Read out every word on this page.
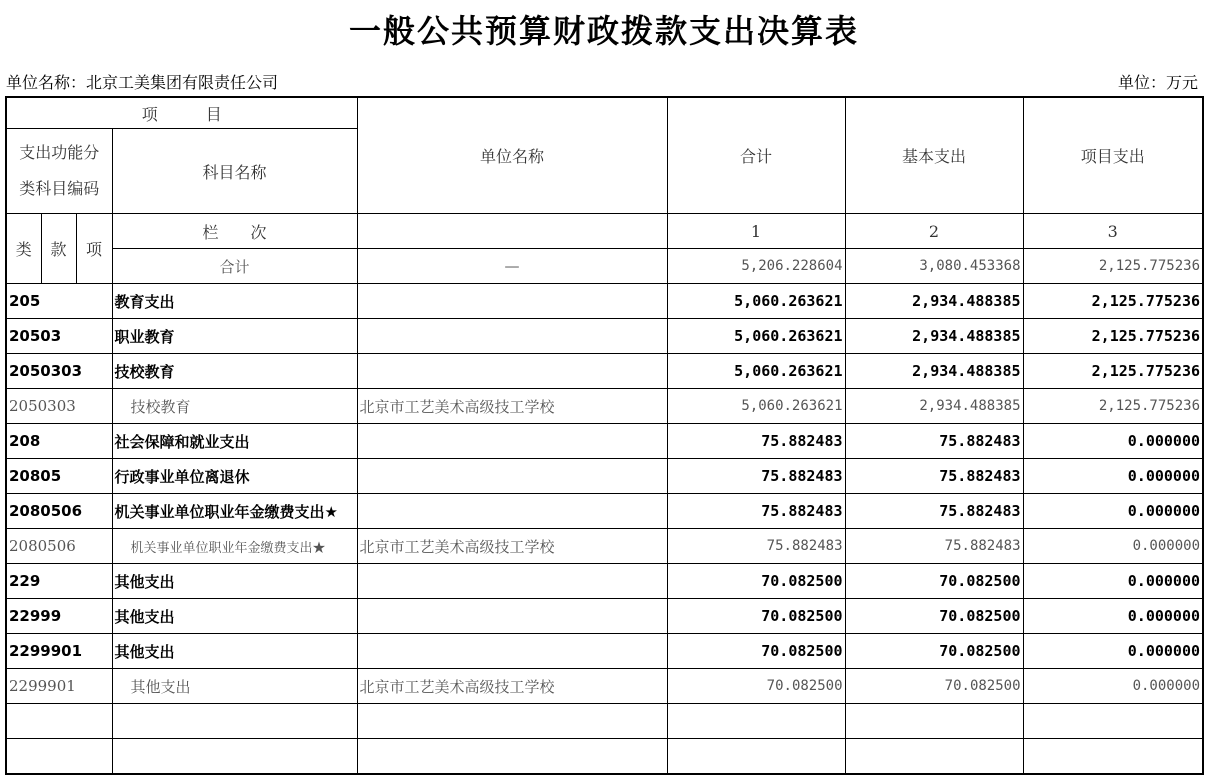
一般公共预算财政拨款支出决算表
单位名称：北京工美集团有限责任公司	单位：万元
项　　　目				单位名称	合计	基本支出	项目支出
支出功能分类科目编码			科目名称				
类	款	项	栏　　次		1	2	3
			合计	—	5,206.228604	3,080.453368	2,125.775236
205			教育支出		5,060.263621	2,934.488385	2,125.775236
20503			职业教育		5,060.263621	2,934.488385	2,125.775236
2050303			技校教育		5,060.263621	2,934.488385	2,125.775236
2050303			技校教育	北京市工艺美术高级技工学校	5,060.263621	2,934.488385	2,125.775236
208			社会保障和就业支出		75.882483	75.882483	0.000000
20805			行政事业单位离退休		75.882483	75.882483	0.000000
2080506			机关事业单位职业年金缴费支出★		75.882483	75.882483	0.000000
2080506			机关事业单位职业年金缴费支出★	北京市工艺美术高级技工学校	75.882483	75.882483	0.000000
229			其他支出		70.082500	70.082500	0.000000
22999			其他支出		70.082500	70.082500	0.000000
2299901			其他支出		70.082500	70.082500	0.000000
2299901			其他支出	北京市工艺美术高级技工学校	70.082500	70.082500	0.000000
